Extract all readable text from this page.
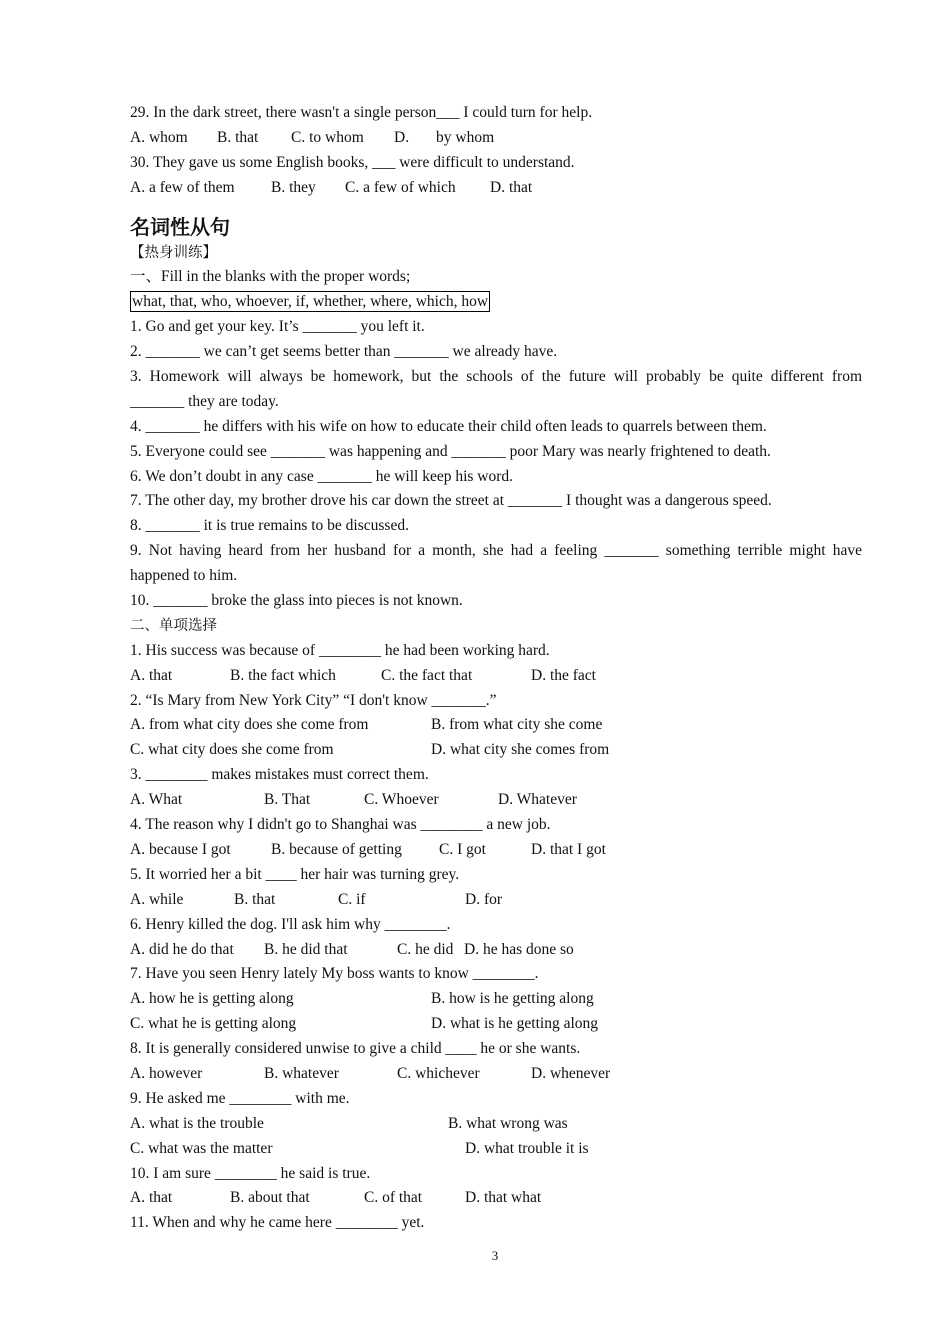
29. In the dark street, there wasn't a single person___ I could turn for help.
A. whom B. that C. to whom D. by whom
30. They gave us some English books, ___ were difficult to understand.
A. a few of them B. they C. a few of which D. that
名词性从句
【热身训练】
一、Fill in the blanks with the proper words;
what, that, who, whoever, if, whether, where, which, how
1. Go and get your key. It’s _______ you left it.
2. _______ we can’t get seems better than _______ we already have.
3. Homework will always be homework, but the schools of the future will probably be quite different from
_______ they are today.
4. _______ he differs with his wife on how to educate their child often leads to quarrels between them.
5. Everyone could see _______ was happening and _______ poor Mary was nearly frightened to death.
6. We don’t doubt in any case _______ he will keep his word.
7. The other day, my brother drove his car down the street at _______ I thought was a dangerous speed.
8. _______ it is true remains to be discussed.
9. Not having heard from her husband for a month, she had a feeling _______ something terrible might have
happened to him.
10. _______ broke the glass into pieces is not known.
二、单项选择
1. His success was because of ________ he had been working hard.
A. that	B. the fact which	C. the fact that	D. the fact
2. “Is Mary from New York City” “I don't know _______.”
A. from what city does she come from	B. from what city she come
C. what city does she come from	D. what city she comes from
3. ________ makes mistakes must correct them.
A. What	B. That	C. Whoever	D. Whatever
4. The reason why I didn't go to Shanghai was ________ a new job.
A. because I got	B. because of getting C. I got	D. that I got
5. It worried her a bit ____ her hair was turning grey.
A. while	B. that	C. if	D. for
6. Henry killed the dog. I'll ask him why ________.
A. did he do that B. he did that	C. he did D. he has done so
7. Have you seen Henry lately My boss wants to know ________.
A. how he is getting along	B. how is he getting along
C. what he is getting along	D. what is he getting along
8. It is generally considered unwise to give a child ____ he or she wants.
A. however	B. whatever	C. whichever	D. whenever
9. He asked me ________ with me.
A. what is the trouble	B. what wrong was
C. what was the matter	D. what trouble it is
10. I am sure ________ he said is true.
A. that	B. about that	C. of that	D. that what
11. When and why he came here ________ yet.
3
